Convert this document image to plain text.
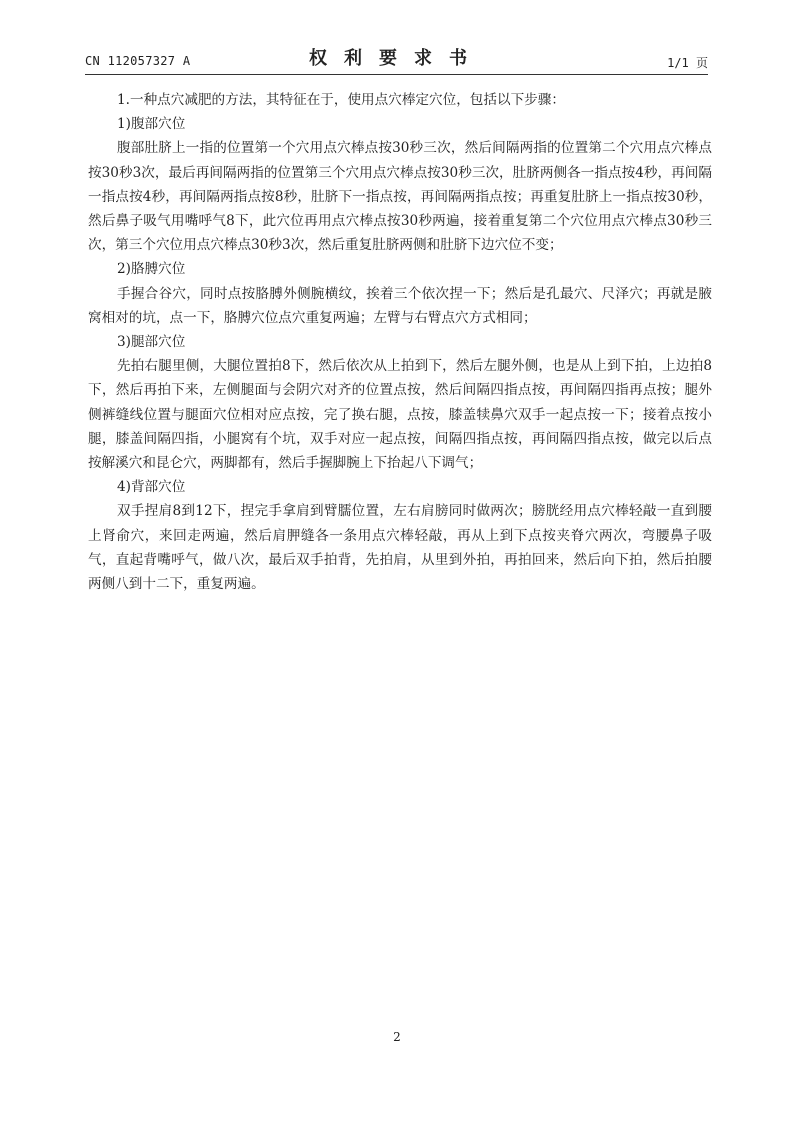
CN 112057327 A	权利要求书	1/1 页

1.一种点穴减肥的方法，其特征在于，使用点穴棒定穴位，包括以下步骤：

1)腹部穴位

腹部肚脐上一指的位置第一个穴用点穴棒点按30秒三次，然后间隔两指的位置第二个穴用点穴棒点按30秒3次，最后再间隔两指的位置第三个穴用点穴棒点按30秒三次，肚脐两侧各一指点按4秒，再间隔一指点按4秒，再间隔两指点按8秒，肚脐下一指点按，再间隔两指点按；再重复肚脐上一指点按30秒，然后鼻子吸气用嘴呼气8下，此穴位再用点穴棒点按30秒两遍，接着重复第二个穴位用点穴棒点30秒三次，第三个穴位用点穴棒点30秒3次，然后重复肚脐两侧和肚脐下边穴位不变；

2)胳膊穴位

手握合谷穴，同时点按胳膊外侧腕横纹，挨着三个依次捏一下；然后是孔最穴、尺泽穴；再就是腋窝相对的坑，点一下，胳膊穴位点穴重复两遍；左臂与右臂点穴方式相同；

3)腿部穴位

先拍右腿里侧，大腿位置拍8下，然后依次从上拍到下，然后左腿外侧，也是从上到下拍，上边拍8下，然后再拍下来，左侧腿面与会阴穴对齐的位置点按，然后间隔四指点按，再间隔四指再点按；腿外侧裤缝线位置与腿面穴位相对应点按，完了换右腿，点按，膝盖犊鼻穴双手一起点按一下；接着点按小腿，膝盖间隔四指，小腿窝有个坑，双手对应一起点按，间隔四指点按，再间隔四指点按，做完以后点按解溪穴和昆仑穴，两脚都有，然后手握脚腕上下抬起八下调气；

4)背部穴位

双手捏肩8到12下，捏完手拿肩到臂臑位置，左右肩膀同时做两次；膀胱经用点穴棒轻敲一直到腰上肾俞穴，来回走两遍，然后肩胛缝各一条用点穴棒轻敲，再从上到下点按夹脊穴两次，弯腰鼻子吸气，直起背嘴呼气，做八次，最后双手拍背，先拍肩，从里到外拍，再拍回来，然后向下拍，然后拍腰两侧八到十二下，重复两遍。

2
